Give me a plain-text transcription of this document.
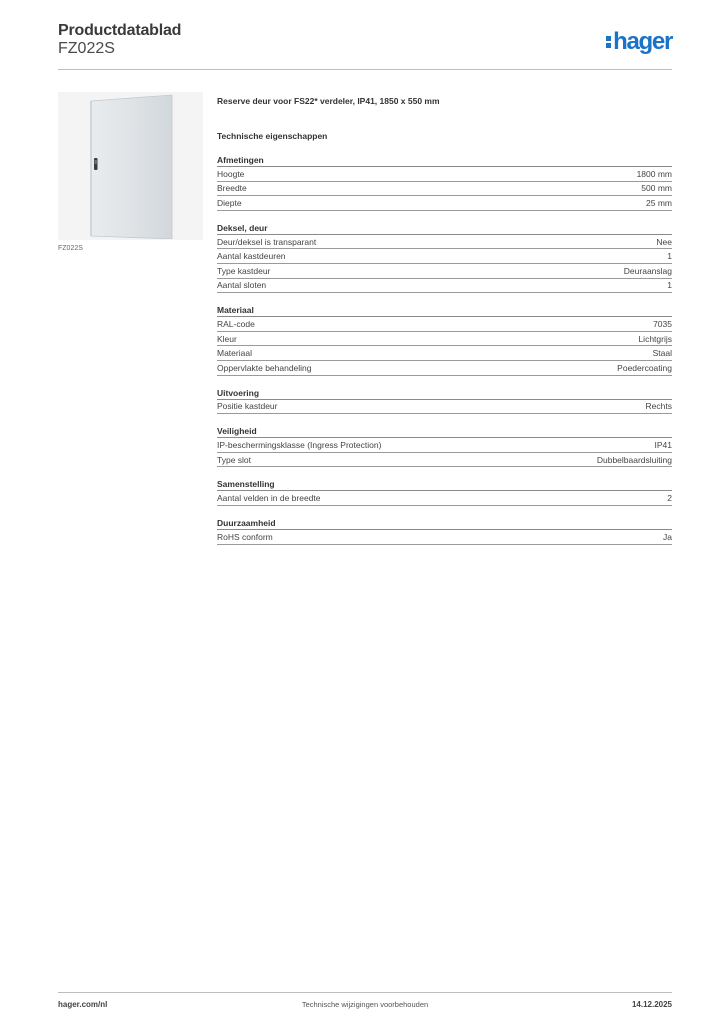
Productdatablad
FZ022S	hager
FZ022S
Reserve deur voor FS22* verdeler, IP41, 1850 x 550 mm
Technische eigenschappen
Afmetingen
Hoogte	1800 mm
Breedte	500 mm
Diepte	25 mm
Deksel, deur
Deur/deksel is transparant	Nee
Aantal kastdeuren	1
Type kastdeur	Deuraanslag
Aantal sloten	1
Materiaal
RAL-code	7035
Kleur	Lichtgrijs
Materiaal	Staal
Oppervlakte behandeling	Poedercoating
Uitvoering
Positie kastdeur	Rechts
Veiligheid
IP-beschermingsklasse (Ingress Protection)	IP41
Type slot	Dubbelbaardsluiting
Samenstelling
Aantal velden in de breedte	2
Duurzaamheid
RoHS conform	Ja
hager.com/nl	Technische wijzigingen voorbehouden	14.12.2025
